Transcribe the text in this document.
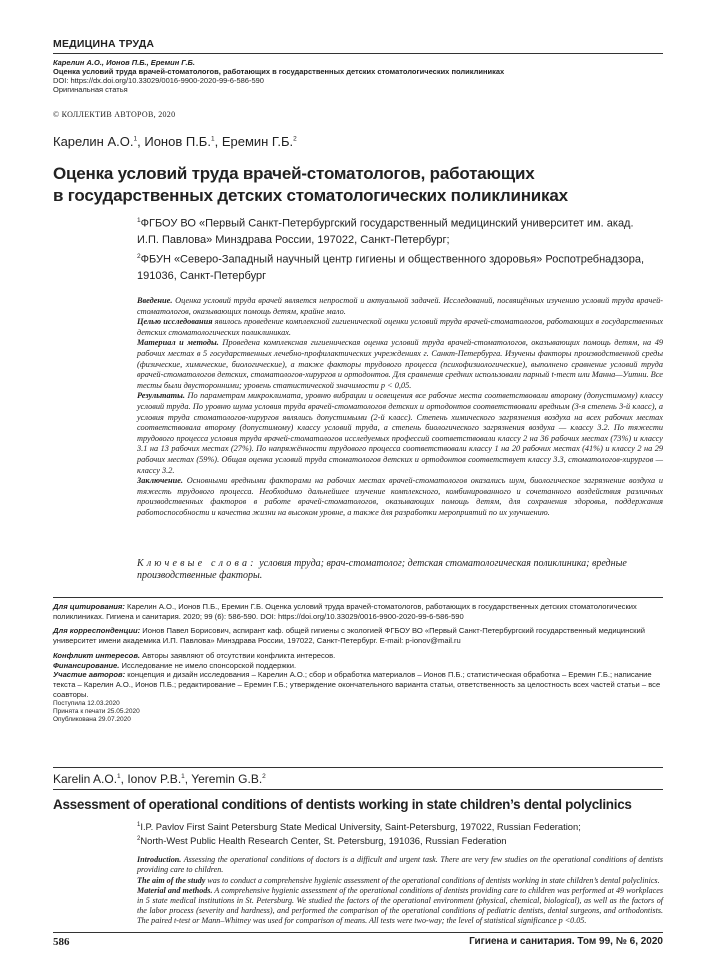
МЕДИЦИНА ТРУДА
Карелин А.О., Ионов П.Б., Еремин Г.Б.
Оценка условий труда врачей-стоматологов, работающих в государственных детских стоматологических поликлиниках
DOI: https://dx.doi.org/10.33029/0016-9900-2020-99-6-586-590
Оригинальная статья
© КОЛЛЕКТИВ АВТОРОВ, 2020
Карелин А.О.$^1$, Ионов П.Б.$^1$, Еремин Г.Б.$^2$
Оценка условий труда врачей-стоматологов, работающих
в государственных детских стоматологических поликлиниках
$^1$ФГБОУ ВО «Первый Санкт-Петербургский государственный медицинский университет им. акад. И.П. Павлова» Минздрава России, 197022, Санкт-Петербург;
$^2$ФБУН «Северо-Западный научный центр гигиены и общественного здоровья» Роспотребнадзора, 191036, Санкт-Петербург

Введение. Оценка условий труда врачей является непростой и актуальной задачей. Исследований, посвящённых изучению условий труда врачей-стоматологов, оказывающих помощь детям, крайне мало.

Целью исследования явилось проведение комплексной гигиенической оценки условий труда врачей-стоматологов, работающих в государственных детских стоматологических поликлиниках.

Материал и методы. Проведена комплексная гигиеническая оценка условий труда врачей-стоматологов, оказывающих помощь детям, на 49 рабочих местах в 5 государственных лечебно-профилактических учреждениях г. Санкт-Петербурга. Изучены факторы производственной среды (физические, химические, биологические), а также факторы трудового процесса (психофизиологические), выполнено сравнение условий труда врачей-стоматологов детских, стоматологов-хирургов и ортодонтов. Для сравнения средних использовали парный t-тест или Манна—Уитни. Все тесты были двусторонними; уровень статистической значимости p < 0,05.

Результаты. По параметрам микроклимата, уровню вибрации и освещения все рабочие места соответствовали второму (допустимому) классу условий труда. По уровню шума условия труда врачей-стоматологов детских и ортодонтов соответствовали вредным (3-я степень 3-й класс), а условия труда стоматологов-хирургов являлись допустимыми (2-й класс). Степень химического загрязнения воздуха на всех рабочих местах соответствовала второму (допустимому) классу условий труда, а степень биологического загрязнения воздуха — классу 3.2. По тяжести трудового процесса условия труда врачей-стоматологов исследуемых профессий соответствовали классу 2 на 36 рабочих местах (73%) и классу 3.1 на 13 рабочих местах (27%). По напряжённости трудового процесса соответствовали классу 1 на 20 рабочих местах (41%) и классу 2 на 29 рабочих местах (59%). Общая оценка условий труда стоматологов детских и ортодонтов соответствует классу 3.3, стоматологов-хирургов — классу 3.2.

Заключение. Основными вредными факторами на рабочих местах врачей-стоматологов оказались шум, биологическое загрязнение воздуха и тяжесть трудового процесса. Необходимо дальнейшее изучение комплексного, комбинированного и сочетанного воздействия различных производственных факторов в работе врачей-стоматологов, оказывающих помощь детям, для сохранения здоровья, поддержания работоспособности и качества жизни на высоком уровне, а также для разработки мероприятий по их улучшению.

Ключевые слова: условия труда; врач-стоматолог; детская стоматологическая поликлиника; вредные производственные факторы.

Для цитирования: Карелин А.О., Ионов П.Б., Еремин Г.Б. Оценка условий труда врачей-стоматологов, работающих в государственных детских стоматологических поликлиниках. Гигиена и санитария. 2020; 99 (6): 586-590. DOI: https://doi.org/10.33029/0016-9900-2020-99-6-586-590

Для корреспонденции: Ионов Павел Борисович, аспирант каф. общей гигиены с экологией ФГБОУ ВО «Первый Санкт-Петербургский государственный медицинский университет имени академика И.П. Павлова» Минздрава России, 197022, Санкт-Петербург. E-mail: p-ionov@mail.ru

Конфликт интересов. Авторы заявляют об отсутствии конфликта интересов.

Финансирование. Исследование не имело спонсорской поддержки.

Участие авторов: концепция и дизайн исследования – Карелин А.О.; сбор и обработка материалов – Ионов П.Б.; статистическая обработка – Еремин Г.Б.; написание текста – Карелин А.О., Ионов П.Б.; редактирование – Еремин Г.Б.; утверждение окончательного варианта статьи, ответственность за целостность всех частей статьи – все соавторы.

Поступила 12.03.2020
Принята к печати 25.05.2020
Опубликована 29.07.2020
Karelin A.O.$^1$, Ionov P.B.$^1$, Yeremin G.B.$^2$
Assessment of operational conditions of dentists working in state children’s dental polyclinics
$^1$I.P. Pavlov First Saint Petersburg State Medical University, Saint-Petersburg, 197022, Russian Federation;
$^2$North-West Public Health Research Center, St. Petersburg, 191036, Russian Federation

Introduction. Assessing the operational conditions of doctors is a difficult and urgent task. There are very few studies on the operational conditions of dentists providing care to children.

The aim of the study was to conduct a comprehensive hygienic assessment of the operational conditions of dentists working in state children’s dental polyclinics.

Material and methods. A comprehensive hygienic assessment of the operational conditions of dentists providing care to children was performed at 49 workplaces in 5 state medical institutions in St. Petersburg. We studied the factors of the operational environment (physical, chemical, biological), as well as the factors of the labor process (severity and hardness), and performed the comparison of the operational conditions of pediatric dentists, dental surgeons, and orthodontists. The paired t-test or Mann–Whitney was used for comparison of means. All tests were two-way; the level of statistical significance p <0.05.

586	Гигиена и санитария. Том 99, № 6, 2020
